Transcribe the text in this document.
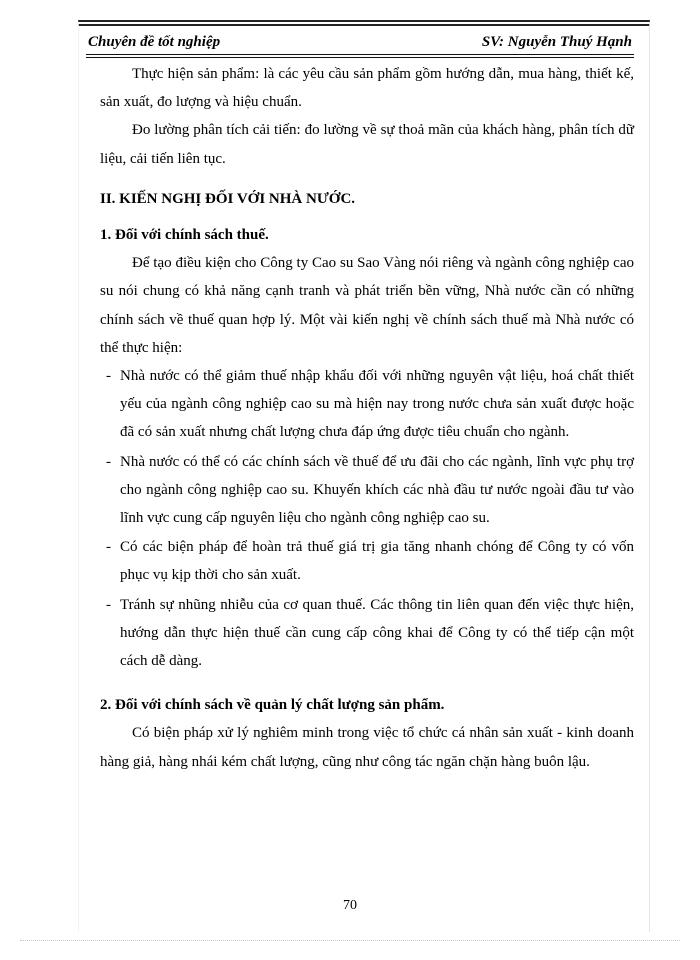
Chuyên đề tốt nghiệp	SV: Nguyễn Thuý Hạnh

Thực hiện sản phẩm: là các yêu cầu sản phẩm gồm hướng dẫn, mua hàng, thiết kế, sản xuất, đo lượng và hiệu chuẩn.

Đo lường phân tích cải tiến: đo lường về sự thoả mãn của khách hàng, phân tích dữ liệu, cải tiến liên tục.

II. KIẾN NGHỊ ĐỐI VỚI NHÀ NƯỚC.

1. Đối với chính sách thuế.

Để tạo điều kiện cho Công ty Cao su Sao Vàng nói riêng và ngành công nghiệp cao su nói chung có khả năng cạnh tranh và phát triển bền vững, Nhà nước cần có những chính sách về thuế quan hợp lý. Một vài kiến nghị về chính sách thuế mà Nhà nước có thể thực hiện:

- Nhà nước có thể giảm thuế nhập khẩu đối với những nguyên vật liệu, hoá chất thiết yếu của ngành công nghiệp cao su mà hiện nay trong nước chưa sản xuất được hoặc đã có sản xuất nhưng chất lượng chưa đáp ứng được tiêu chuẩn cho ngành.
- Nhà nước có thể có các chính sách về thuế để ưu đãi cho các ngành, lĩnh vực phụ trợ cho ngành công nghiệp cao su. Khuyến khích các nhà đầu tư nước ngoài đầu tư vào lĩnh vực cung cấp nguyên liệu cho ngành công nghiệp cao su.
- Có các biện pháp để hoàn trả thuế giá trị gia tăng nhanh chóng để Công ty có vốn phục vụ kịp thời cho sản xuất.
- Tránh sự nhũng nhiễu của cơ quan thuế. Các thông tin liên quan đến việc thực hiện, hướng dẫn thực hiện thuế cần cung cấp công khai để Công ty có thể tiếp cận một cách dễ dàng.

2. Đối với chính sách về quản lý chất lượng sản phẩm.

Có biện pháp xử lý nghiêm minh trong việc tổ chức cá nhân sản xuất - kinh doanh hàng giả, hàng nhái kém chất lượng, cũng như công tác ngăn chặn hàng buôn lậu.

70
